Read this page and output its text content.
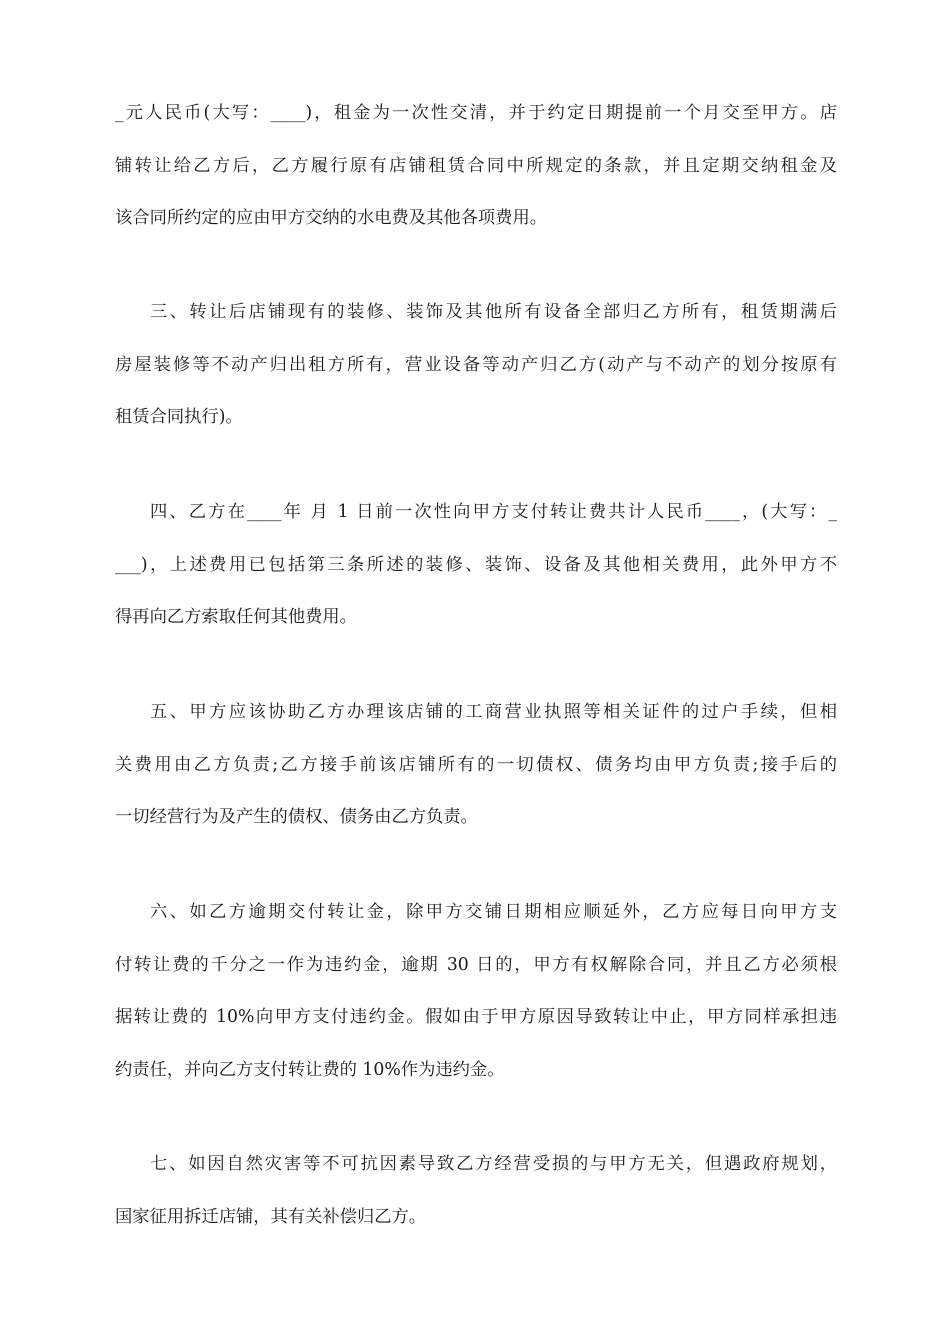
_元人民币(大写：____)，租金为一次性交清，并于约定日期提前一个月交至甲方。店
铺转让给乙方后，乙方履行原有店铺租赁合同中所规定的条款，并且定期交纳租金及
该合同所约定的应由甲方交纳的水电费及其他各项费用。
三、转让后店铺现有的装修、装饰及其他所有设备全部归乙方所有，租赁期满后
房屋装修等不动产归出租方所有，营业设备等动产归乙方(动产与不动产的划分按原有
租赁合同执行)。
四、乙方在____年 月 1 日前一次性向甲方支付转让费共计人民币____，(大写：_
___)，上述费用已包括第三条所述的装修、装饰、设备及其他相关费用，此外甲方不
得再向乙方索取任何其他费用。
五、甲方应该协助乙方办理该店铺的工商营业执照等相关证件的过户手续，但相
关费用由乙方负责;乙方接手前该店铺所有的一切债权、债务均由甲方负责;接手后的
一切经营行为及产生的债权、债务由乙方负责。
六、如乙方逾期交付转让金，除甲方交铺日期相应顺延外，乙方应每日向甲方支
付转让费的千分之一作为违约金，逾期 30 日的，甲方有权解除合同，并且乙方必须根
据转让费的 10%向甲方支付违约金。假如由于甲方原因导致转让中止，甲方同样承担违
约责任，并向乙方支付转让费的 10%作为违约金。
七、如因自然灾害等不可抗因素导致乙方经营受损的与甲方无关，但遇政府规划，
国家征用拆迁店铺，其有关补偿归乙方。
